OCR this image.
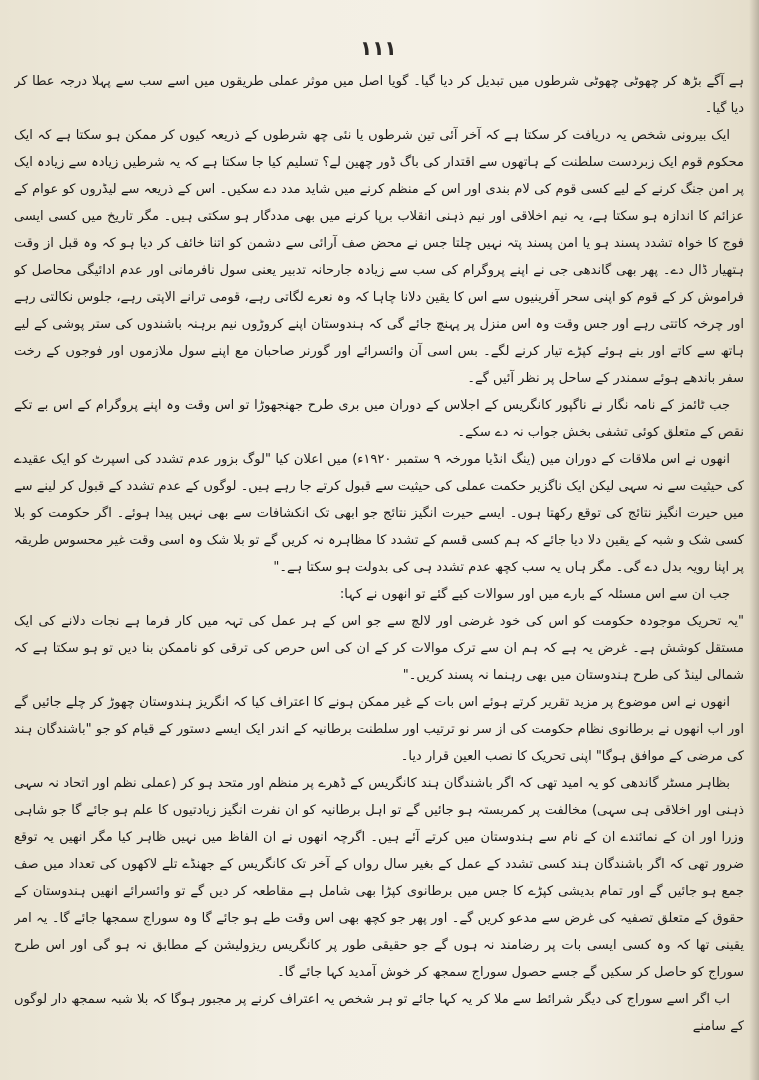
۱۱۱

ہے آگے بڑھ کر چھوٹی چھوٹی شرطوں میں تبدیل کر دیا گیا۔ گویا اصل میں موثر عملی طریقوں میں اسے سب سے پہلا درجہ عطا کر دیا گیا۔

ایک بیرونی شخص یہ دریافت کر سکتا ہے کہ آخر آئی تین شرطوں یا نئی چھ شرطوں کے ذریعہ کیوں کر ممکن ہو سکتا ہے کہ ایک محکوم قوم ایک زبردست سلطنت کے ہاتھوں سے اقتدار کی باگ ڈور چھین لے؟ تسلیم کیا جا سکتا ہے کہ یہ شرطیں زیادہ سے زیادہ ایک پر امن جنگ کرنے کے لیے کسی قوم کی لام بندی اور اس کے منظم کرنے میں شاید مدد دے سکیں۔ اس کے ذریعہ سے لیڈروں کو عوام کے عزائم کا اندازہ ہو سکتا ہے، یہ نیم اخلاقی اور نیم ذہنی انقلاب برپا کرنے میں بھی مددگار ہو سکتی ہیں۔ مگر تاریخ میں کسی ایسی فوج کا خواہ تشدد پسند ہو یا امن پسند پتہ نہیں چلتا جس نے محض صف آرائی سے دشمن کو اتنا خائف کر دیا ہو کہ وہ قبل از وقت ہتھیار ڈال دے۔ پھر بھی گاندھی جی نے اپنے پروگرام کی سب سے زیادہ جارحانہ تدبیر یعنی سول نافرمانی اور عدم ادائیگی محاصل کو فراموش کر کے قوم کو اپنی سحر آفرینیوں سے اس کا یقین دلانا چاہا کہ وہ نعرے لگاتی رہے، قومی ترانے الاپتی رہے، جلوس نکالتی رہے اور چرخہ کاتتی رہے اور جس وقت وہ اس منزل پر پہنچ جائے گی کہ ہندوستان اپنے کروڑوں نیم برہنہ باشندوں کی ستر پوشی کے لیے ہاتھ سے کاتے اور بنے ہوئے کپڑے تیار کرنے لگے۔ بس اسی آن وائسرائے اور گورنر صاحبان مع اپنے سول ملازموں اور فوجوں کے رخت سفر باندھے ہوئے سمندر کے ساحل پر نظر آئیں گے۔

جب ٹائمز کے نامہ نگار نے ناگپور کانگریس کے اجلاس کے دوران میں بری طرح جھنجھوڑا تو اس وقت وہ اپنے پروگرام کے اس بے تکے نقص کے متعلق کوئی تشفی بخش جواب نہ دے سکے۔

انھوں نے اس ملاقات کے دوران میں (ینگ انڈیا مورخہ ۹ ستمبر ۱۹۲۰ء) میں اعلان کیا "لوگ بزور عدم تشدد کی اسپرٹ کو ایک عقیدے کی حیثیت سے نہ سہی لیکن ایک ناگزیر حکمت عملی کی حیثیت سے قبول کرتے جا رہے ہیں۔ لوگوں کے عدم تشدد کے قبول کر لینے سے میں حیرت انگیز نتائج کی توقع رکھتا ہوں۔ ایسے حیرت انگیز نتائج جو ابھی تک انکشافات سے بھی نہیں پیدا ہوئے۔ اگر حکومت کو بلا کسی شک و شبہ کے یقین دلا دیا جائے کہ ہم کسی قسم کے تشدد کا مظاہرہ نہ کریں گے تو بلا شک وہ اسی وقت غیر محسوس طریقہ پر اپنا رویہ بدل دے گی۔ مگر ہاں یہ سب کچھ عدم تشدد ہی کی بدولت ہو سکتا ہے۔"

جب ان سے اس مسئلہ کے بارے میں اور سوالات کیے گئے تو انھوں نے کہا:

"یہ تحریک موجودہ حکومت کو اس کی خود غرضی اور لالچ سے جو اس کے ہر عمل کی تہہ میں کار فرما ہے نجات دلانے کی ایک مستقل کوشش ہے۔ غرض یہ ہے کہ ہم ان سے ترک موالات کر کے ان کی اس حرص کی ترقی کو ناممکن بنا دیں تو ہو سکتا ہے کہ شمالی لینڈ کی طرح ہندوستان میں بھی رہنما نہ پسند کریں۔"

انھوں نے اس موضوع پر مزید تقریر کرتے ہوئے اس بات کے غیر ممکن ہونے کا اعتراف کیا کہ انگریز ہندوستان چھوڑ کر چلے جائیں گے اور اب انھوں نے برطانوی نظام حکومت کی از سر نو ترتیب اور سلطنت برطانیہ کے اندر ایک ایسے دستور کے قیام کو جو "باشندگان ہند کی مرضی کے موافق ہوگا" اپنی تحریک کا نصب العین قرار دیا۔

بظاہر مسٹر گاندھی کو یہ امید تھی کہ اگر باشندگان ہند کانگریس کے ڈھرے پر منظم اور متحد ہو کر (عملی نظم اور اتحاد نہ سہی ذہنی اور اخلاقی ہی سہی) مخالفت پر کمربستہ ہو جائیں گے تو اہل برطانیہ کو ان نفرت انگیز زیادتیوں کا علم ہو جائے گا جو شاہی وزرا اور ان کے نمائندے ان کے نام سے ہندوستان میں کرتے آئے ہیں۔ اگرچہ انھوں نے ان الفاظ میں نہیں ظاہر کیا مگر انھیں یہ توقع ضرور تھی کہ اگر باشندگان ہند کسی تشدد کے عمل کے بغیر سال رواں کے آخر تک کانگریس کے جھنڈے تلے لاکھوں کی تعداد میں صف جمع ہو جائیں گے اور تمام بدیشی کپڑے کا جس میں برطانوی کپڑا بھی شامل ہے مقاطعہ کر دیں گے تو وائسرائے انھیں ہندوستان کے حقوق کے متعلق تصفیہ کی غرض سے مدعو کریں گے۔ اور پھر جو کچھ بھی اس وقت طے ہو جائے گا وہ سوراج سمجھا جائے گا۔ یہ امر یقینی تھا کہ وہ کسی ایسی بات پر رضامند نہ ہوں گے جو حقیقی طور پر کانگریس ریزولیشن کے مطابق نہ ہو گی اور اس طرح سوراج کو حاصل کر سکیں گے جسے حصول سوراج سمجھ کر خوش آمدید کہا جائے گا۔

اب اگر اسے سوراج کی دیگر شرائط سے ملا کر یہ کہا جائے تو ہر شخص یہ اعتراف کرنے پر مجبور ہوگا کہ بلا شبہ سمجھ دار لوگوں کے سامنے
